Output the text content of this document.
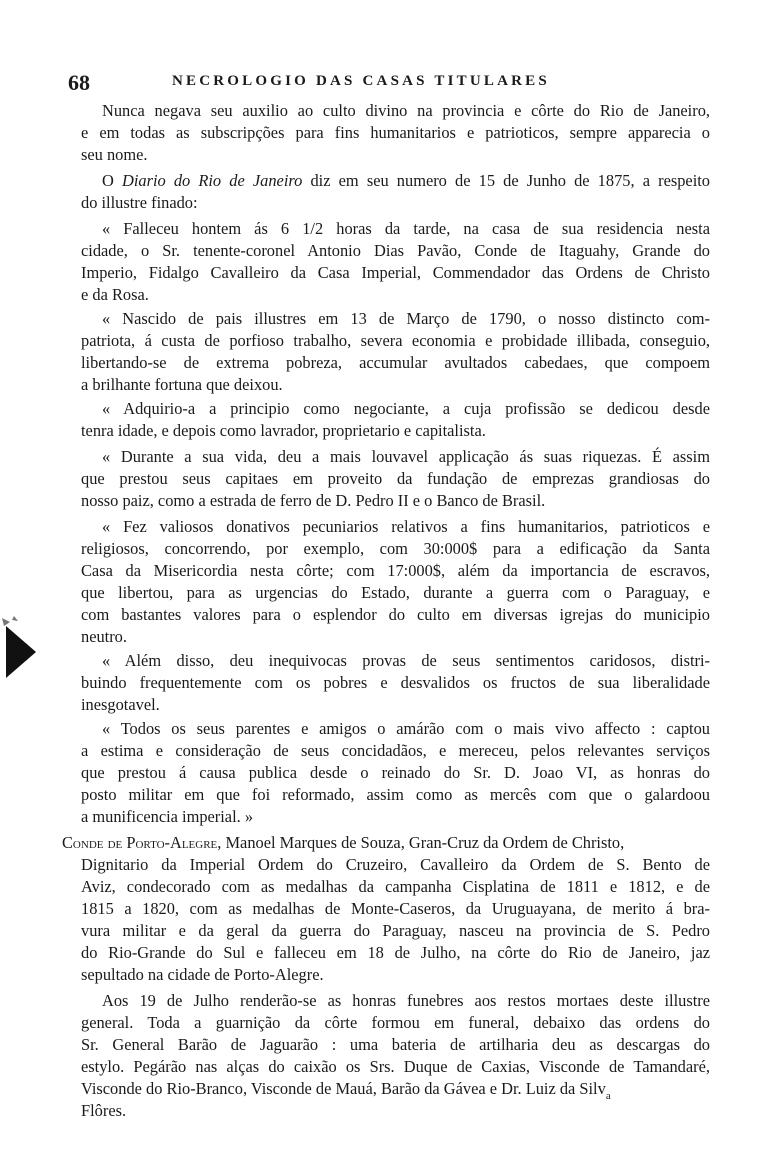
68	NECROLOGIO DAS CASAS TITULARES
Nunca negava seu auxilio ao culto divino na provincia e côrte do Rio de Janeiro,
e em todas as subscripções para fins humanitarios e patrioticos, sempre apparecia o
seu nome.
O Diario do Rio de Janeiro diz em seu numero de 15 de Junho de 1875, a respeito
do illustre finado:
« Falleceu hontem ás 6 1/2 horas da tarde, na casa de sua residencia nesta
cidade, o Sr. tenente-coronel Antonio Dias Pavão, Conde de Itaguahy, Grande do
Imperio, Fidalgo Cavalleiro da Casa Imperial, Commendador das Ordens de Christo
e da Rosa.
« Nascido de pais illustres em 13 de Março de 1790, o nosso distincto com-
patriota, á custa de porfioso trabalho, severa economia e probidade illibada, conseguio,
libertando-se de extrema pobreza, accumular avultados cabedaes, que compoem
a brilhante fortuna que deixou.
« Adquirio-a a principio como negociante, a cuja profissão se dedicou desde
tenra idade, e depois como lavrador, proprietario e capitalista.
« Durante a sua vida, deu a mais louvavel applicação ás suas riquezas. É assim
que prestou seus capitaes em proveito da fundação de emprezas grandiosas do
nosso paiz, como a estrada de ferro de D. Pedro II e o Banco de Brasil.
« Fez valiosos donativos pecuniarios relativos a fins humanitarios, patrioticos e
religiosos, concorrendo, por exemplo, com 30:000$ para a edificação da Santa
Casa da Misericordia nesta côrte; com 17:000$, além da importancia de escravos,
que libertou, para as urgencias do Estado, durante a guerra com o Paraguay, e
com bastantes valores para o esplendor do culto em diversas igrejas do municipio
neutro.
« Além disso, deu inequivocas provas de seus sentimentos caridosos, distri-
buindo frequentemente com os pobres e desvalidos os fructos de sua liberalidade
inesgotavel.
« Todos os seus parentes e amigos o amárão com o mais vivo affecto : captou
a estima e consideração de seus concidadãos, e mereceu, pelos relevantes serviços
que prestou á causa publica desde o reinado do Sr. D. Joao VI, as honras do
posto militar em que foi reformado, assim como as mercês com que o galardoou
a munificencia imperial. »
Conde de Porto-Alegre, Manoel Marques de Souza, Gran-Cruz da Ordem de Christo,
Dignitario da Imperial Ordem do Cruzeiro, Cavalleiro da Ordem de S. Bento de
Aviz, condecorado com as medalhas da campanha Cisplatina de 1811 e 1812, e de
1815 a 1820, com as medalhas de Monte-Caseros, da Uruguayana, de merito á bra-
vura militar e da geral da guerra do Paraguay, nasceu na provincia de S. Pedro
do Rio-Grande do Sul e falleceu em 18 de Julho, na côrte do Rio de Janeiro, jaz
sepultado na cidade de Porto-Alegre.
Aos 19 de Julho renderão-se as honras funebres aos restos mortaes deste illustre
general. Toda a guarnição da côrte formou em funeral, debaixo das ordens do
Sr. General Barão de Jaguarão : uma bateria de artilharia deu as descargas do
estylo. Pegárão nas alças do caixão os Srs. Duque de Caxias, Visconde de Tamandaré,
Visconde do Rio-Branco, Visconde de Mauá, Barão da Gávea e Dr. Luiz da Silv$_a$
Flôres.
